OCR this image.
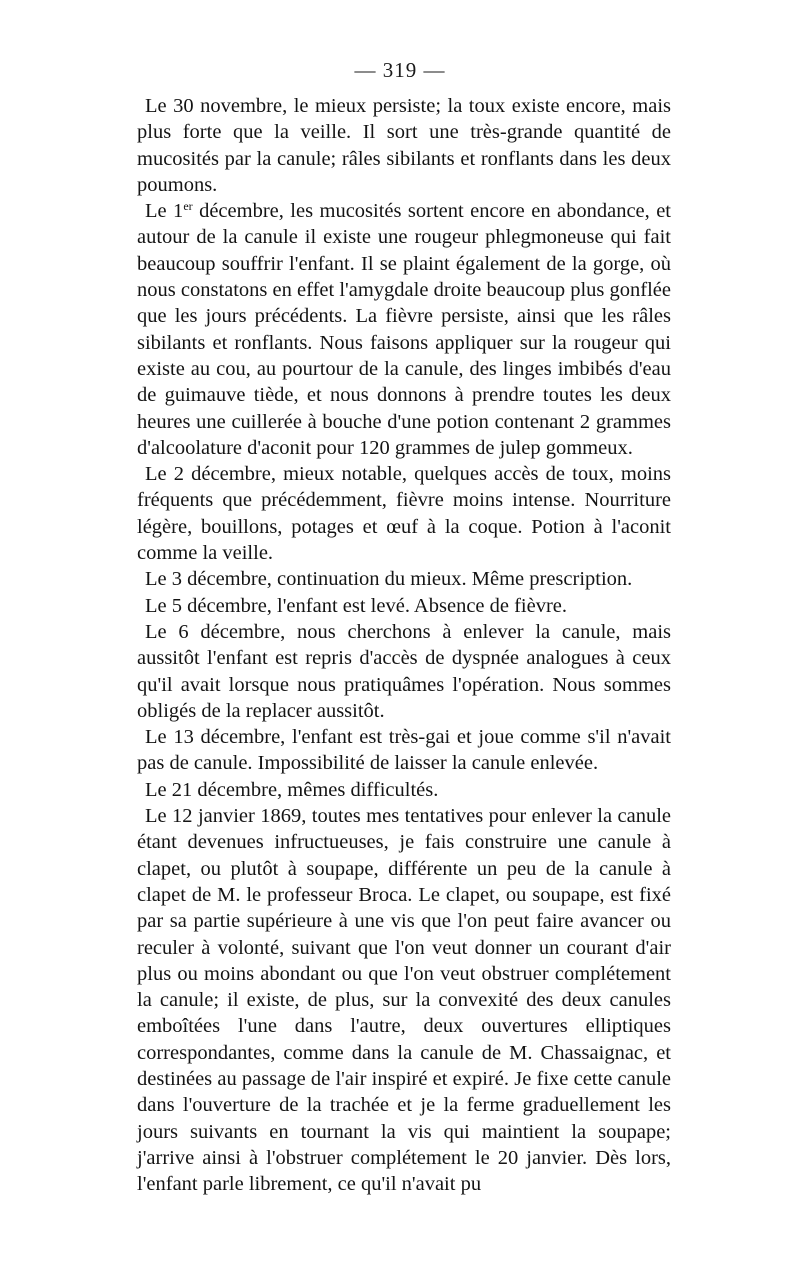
— 319 —

Le 30 novembre, le mieux persiste; la toux existe encore, mais plus forte que la veille. Il sort une très-grande quantité de mucosités par la canule; râles sibilants et ronflants dans les deux poumons.

Le 1er décembre, les mucosités sortent encore en abondance, et autour de la canule il existe une rougeur phlegmoneuse qui fait beaucoup souffrir l'enfant. Il se plaint également de la gorge, où nous constatons en effet l'amygdale droite beaucoup plus gonflée que les jours précédents. La fièvre persiste, ainsi que les râles sibilants et ronflants. Nous faisons appliquer sur la rougeur qui existe au cou, au pourtour de la canule, des linges imbibés d'eau de guimauve tiède, et nous donnons à prendre toutes les deux heures une cuillerée à bouche d'une potion contenant 2 grammes d'alcoolature d'aconit pour 120 grammes de julep gommeux.

Le 2 décembre, mieux notable, quelques accès de toux, moins fréquents que précédemment, fièvre moins intense. Nourriture légère, bouillons, potages et œuf à la coque. Potion à l'aconit comme la veille.

Le 3 décembre, continuation du mieux. Même prescription.

Le 5 décembre, l'enfant est levé. Absence de fièvre.

Le 6 décembre, nous cherchons à enlever la canule, mais aussitôt l'enfant est repris d'accès de dyspnée analogues à ceux qu'il avait lorsque nous pratiquâmes l'opération. Nous sommes obligés de la replacer aussitôt.

Le 13 décembre, l'enfant est très-gai et joue comme s'il n'avait pas de canule. Impossibilité de laisser la canule enlevée.

Le 21 décembre, mêmes difficultés.

Le 12 janvier 1869, toutes mes tentatives pour enlever la canule étant devenues infructueuses, je fais construire une canule à clapet, ou plutôt à soupape, différente un peu de la canule à clapet de M. le professeur Broca. Le clapet, ou soupape, est fixé par sa partie supérieure à une vis que l'on peut faire avancer ou reculer à volonté, suivant que l'on veut donner un courant d'air plus ou moins abondant ou que l'on veut obstruer complétement la canule; il existe, de plus, sur la convexité des deux canules emboîtées l'une dans l'autre, deux ouvertures elliptiques correspondantes, comme dans la canule de M. Chassaignac, et destinées au passage de l'air inspiré et expiré. Je fixe cette canule dans l'ouverture de la trachée et je la ferme graduellement les jours suivants en tournant la vis qui maintient la soupape; j'arrive ainsi à l'obstruer complétement le 20 janvier. Dès lors, l'enfant parle librement, ce qu'il n'avait pu
